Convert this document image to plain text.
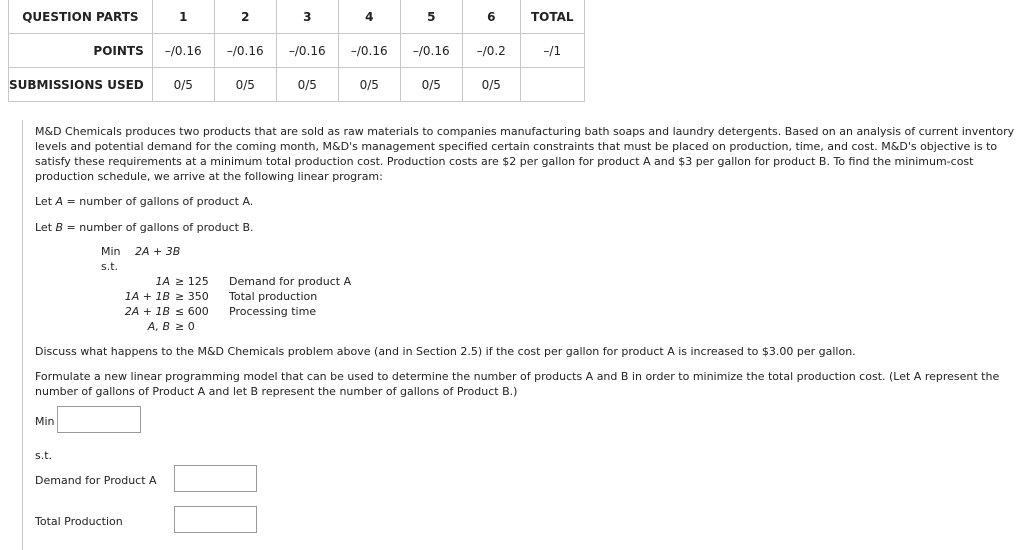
QUESTION PARTS	1	2	3	4	5	6	TOTAL
POINTS	–/0.16	–/0.16	–/0.16	–/0.16	–/0.16	–/0.2	–/1
SUBMISSIONS USED	0/5	0/5	0/5	0/5	0/5	0/5	
M&D Chemicals produces two products that are sold as raw materials to companies manufacturing bath soaps and laundry detergents. Based on an analysis of current inventory levels and potential demand for the coming month, M&D's management specified certain constraints that must be placed on production, time, and cost. M&D's objective is to satisfy these requirements at a minimum total production cost. Production costs are $2 per gallon for product A and $3 per gallon for product B. To find the minimum-cost production schedule, we arrive at the following linear program:
Let A = number of gallons of product A.
Let B = number of gallons of product B.
Min 2A + 3B
s.t.
1A ≥ 125 Demand for product A
1A + 1B ≥ 350 Total production
2A + 1B ≤ 600 Processing time
A, B ≥ 0
Discuss what happens to the M&D Chemicals problem above (and in Section 2.5) if the cost per gallon for product A is increased to $3.00 per gallon.
Formulate a new linear programming model that can be used to determine the number of products A and B in order to minimize the total production cost. (Let A represent the number of gallons of Product A and let B represent the number of gallons of Product B.)
Min
s.t.
Demand for Product A
Total Production
